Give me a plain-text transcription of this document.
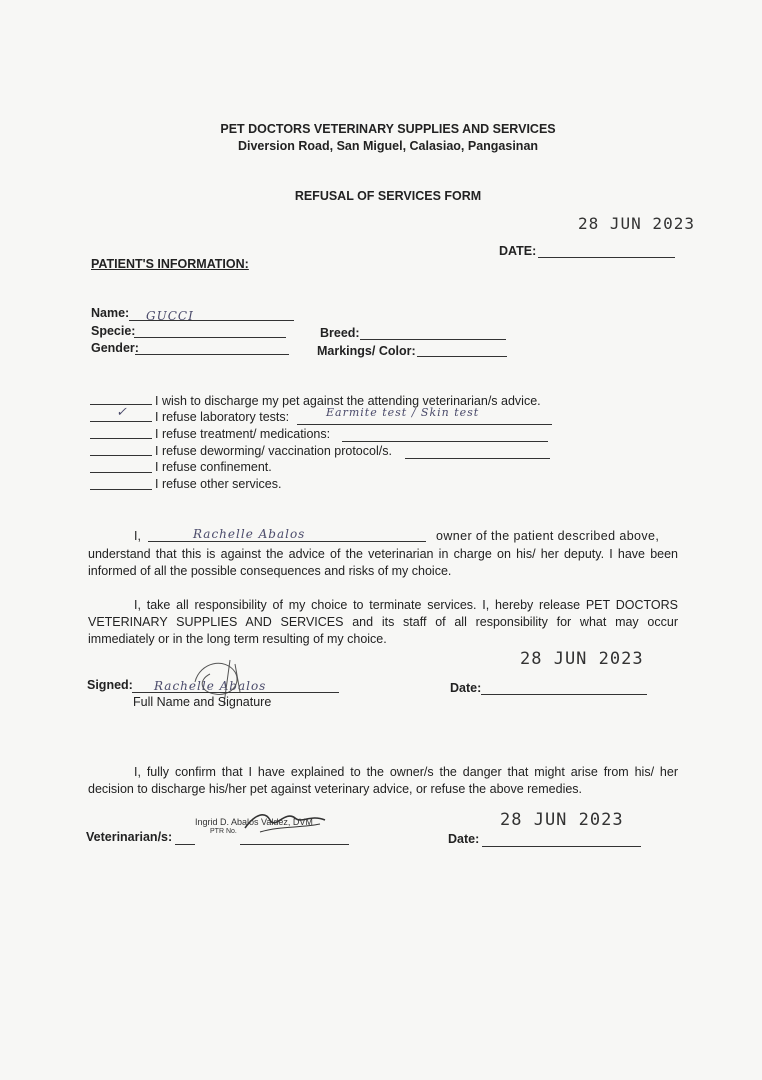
PET DOCTORS VETERINARY SUPPLIES AND SERVICES
Diversion Road, San Miguel, Calasiao, Pangasinan
REFUSAL OF SERVICES FORM
28 JUN 2023
DATE:
PATIENT'S INFORMATION:
Name: GUCCI
Specie:
Gender:
Breed:
Markings/ Color:
I wish to discharge my pet against the attending veterinarian/s advice.
✓ I refuse laboratory tests:	Earmite test / Skin test
I refuse treatment/ medications:
I refuse deworming/ vaccination protocol/s.
I refuse confinement.
I refuse other services.
I,	Rachelle Abalos	owner of the patient described above,
understand that this is against the advice of the veterinarian in charge on his/ her deputy. I have been informed of all the possible consequences and risks of my choice.
I, take all responsibility of my choice to terminate services. I, hereby release PET DOCTORS VETERINARY SUPPLIES AND SERVICES and its staff of all responsibility for what may occur immediately or in the long term resulting of my choice.
28 JUN 2023
Signed: Rachelle Abalos
Full Name and Signature
Date:
I, fully confirm that I have explained to the owner/s the danger that might arise from his/ her decision to discharge his/her pet against veterinary advice, or refuse the above remedies.
28 JUN 2023
Veterinarian/s:
Ingrid D. Abalos Valdez, DVM
PTR No.
Date:
